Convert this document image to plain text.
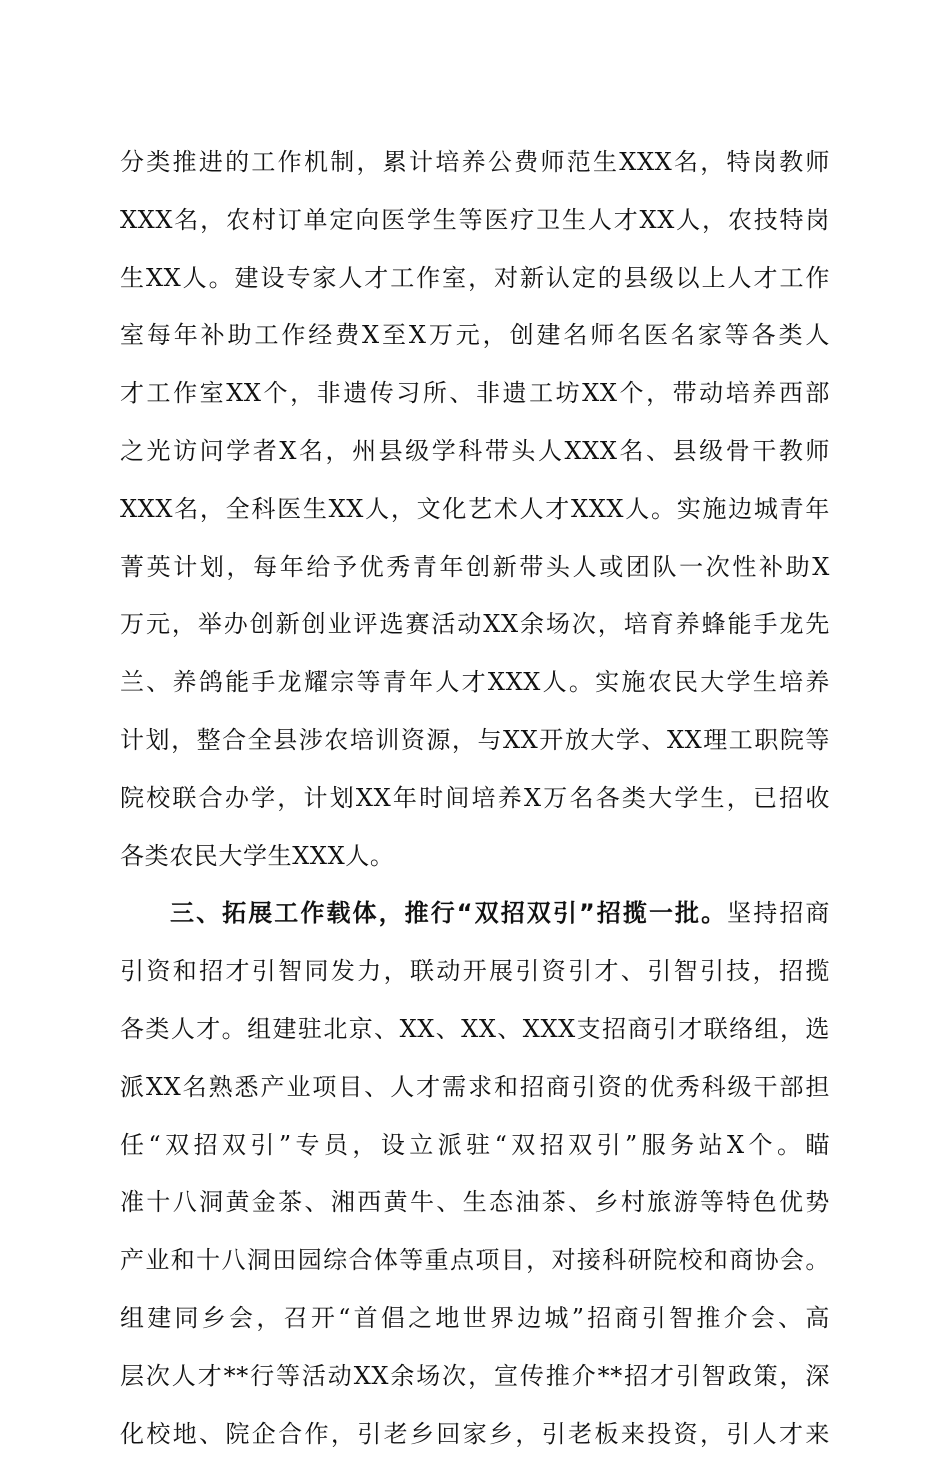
分类推进的工作机制，累计培养公费师范生XXX名，特岗教师
XXX名，农村订单定向医学生等医疗卫生人才XX人，农技特岗
生XX人。建设专家人才工作室，对新认定的县级以上人才工作
室每年补助工作经费X至X万元，创建名师名医名家等各类人
才工作室XX个，非遗传习所、非遗工坊XX个，带动培养西部
之光访问学者X名，州县级学科带头人XXX名、县级骨干教师
XXX名，全科医生XX人，文化艺术人才XXX人。实施边城青年
菁英计划，每年给予优秀青年创新带头人或团队一次性补助X
万元，举办创新创业评选赛活动XX余场次，培育养蜂能手龙先
兰、养鸽能手龙耀宗等青年人才XXX人。实施农民大学生培养
计划，整合全县涉农培训资源，与XX开放大学、XX理工职院等
院校联合办学，计划XX年时间培养X万名各类大学生，已招收
各类农民大学生XXX人。
三、拓展工作载体，推行“双招双引”招揽一批。坚持招商
引资和招才引智同发力，联动开展引资引才、引智引技，招揽
各类人才。组建驻北京、XX、XX、XXX支招商引才联络组，选
派XX名熟悉产业项目、人才需求和招商引资的优秀科级干部担
任“双招双引”专员，设立派驻“双招双引”服务站X个。瞄
准十八洞黄金茶、湘西黄牛、生态油茶、乡村旅游等特色优势
产业和十八洞田园综合体等重点项目，对接科研院校和商协会。
组建同乡会，召开“首倡之地世界边城”招商引智推介会、高
层次人才**行等活动XX余场次，宣传推介**招才引智政策，深
化校地、院企合作，引老乡回家乡，引老板来投资，引人才来
